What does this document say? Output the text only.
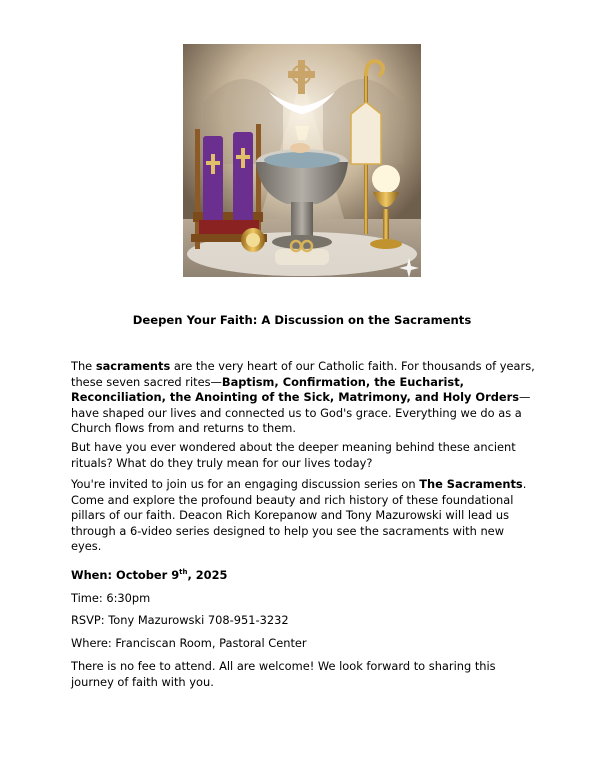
Deepen Your Faith: A Discussion on the Sacraments

The sacraments are the very heart of our Catholic faith. For thousands of years, these seven sacred rites—Baptism, Confirmation, the Eucharist, Reconciliation, the Anointing of the Sick, Matrimony, and Holy Orders—have shaped our lives and connected us to God's grace. Everything we do as a Church flows from and returns to them.

But have you ever wondered about the deeper meaning behind these ancient rituals? What do they truly mean for our lives today?

You're invited to join us for an engaging discussion series on The Sacraments. Come and explore the profound beauty and rich history of these foundational pillars of our faith. Deacon Rich Korepanow and Tony Mazurowski will lead us through a 6-video series designed to help you see the sacraments with new eyes.

When: October 9th, 2025
Time: 6:30pm
RSVP: Tony Mazurowski 708-951-3232
Where: Franciscan Room, Pastoral Center
There is no fee to attend. All are welcome! We look forward to sharing this journey of faith with you.
